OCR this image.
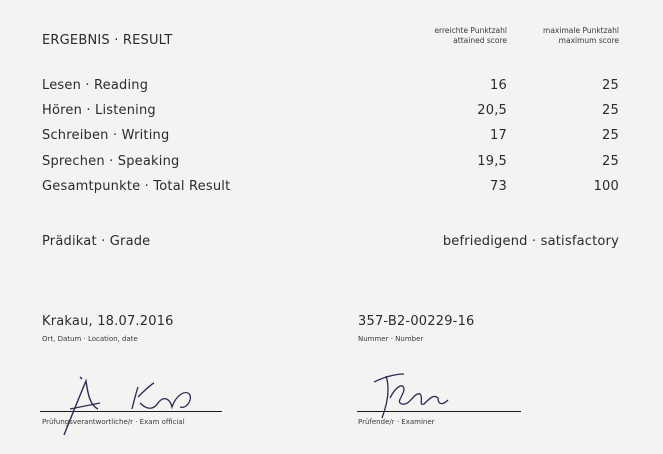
ERGEBNIS · RESULT
erreichte Punktzahl
attained score
maximale Punktzahl
maximum score
Lesen · Reading	16	25
Hören · Listening	20,5	25
Schreiben · Writing	17	25
Sprechen · Speaking	19,5	25
Gesamtpunkte · Total Result	73	100
Prädikat · Grade	befriedigend · satisfactory
Krakau, 18.07.2016
Ort, Datum · Location, date
357-B2-00229-16
Nummer · Number
Prüfungsverantwortliche/r · Exam official	Prüfende/r · Examiner
